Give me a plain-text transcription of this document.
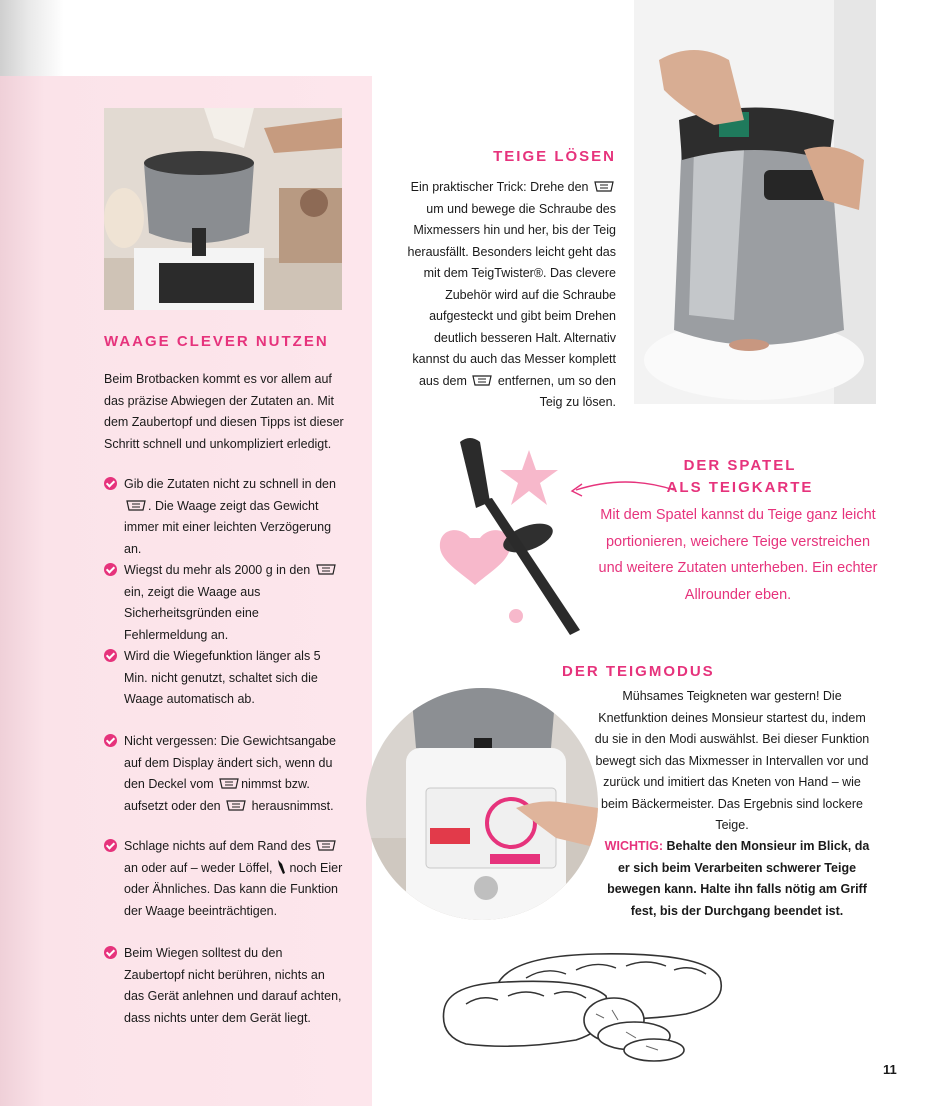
WAAGE CLEVER NUTZEN

Beim Brotbacken kommt es vor allem auf das präzise Abwiegen der Zutaten an. Mit dem Zaubertopf und diesen Tipps ist dieser Schritt schnell und unkompliziert erledigt.

Gib die Zutaten nicht zu schnell in den . Die Waage zeigt das Gewicht immer mit einer leichten Verzögerung an.

Wiegst du mehr als 2000 g in den  ein, zeigt die Waage aus Sicherheitsgründen eine Fehlermeldung an.

Wird die Wiegefunktion länger als 5 Min. nicht genutzt, schaltet sich die Waage automatisch ab.

Nicht vergessen: Die Gewichtsangabe auf dem Display ändert sich, wenn du den Deckel vom nimmst bzw. aufsetzt oder den herausnimmst.

Schlage nichts auf dem Rand des  an oder auf – weder Löffel, noch Eier oder Ähnliches. Das kann die Funktion der Waage beeinträchtigen.

Beim Wiegen solltest du den Zaubertopf nicht berühren, nichts an das Gerät anlehnen und darauf achten, dass nichts unter dem Gerät liegt.

TEIGE LÖSEN

Ein praktischer Trick: Drehe den  um und bewege die Schraube des Mixmessers hin und her, bis der Teig herausfällt. Besonders leicht geht das mit dem TeigTwister®. Das clevere Zubehör wird auf die Schraube aufgesteckt und gibt beim Drehen deutlich besseren Halt. Alternativ kannst du auch das Messer komplett aus dem entfernen, um so den Teig zu lösen.

DER SPATEL
ALS TEIGKARTE

Mit dem Spatel kannst du Teige ganz leicht portionieren, weichere Teige verstreichen und weitere Zutaten unterheben. Ein echter Allrounder eben.

DER TEIGMODUS

Mühsames Teigkneten war gestern! Die Knetfunktion deines Monsieur startest du, indem du sie in den Modi auswählst. Bei dieser Funktion bewegt sich das Mixmesser in Intervallen vor und zurück und imitiert das Kneten von Hand – wie beim Bäckermeister. Das Ergebnis sind lockere Teige.

WICHTIG: Behalte den Monsieur im Blick, da er sich beim Verarbeiten schwerer Teige bewegen kann. Halte ihn falls nötig am Griff fest, bis der Durchgang beendet ist.

11
